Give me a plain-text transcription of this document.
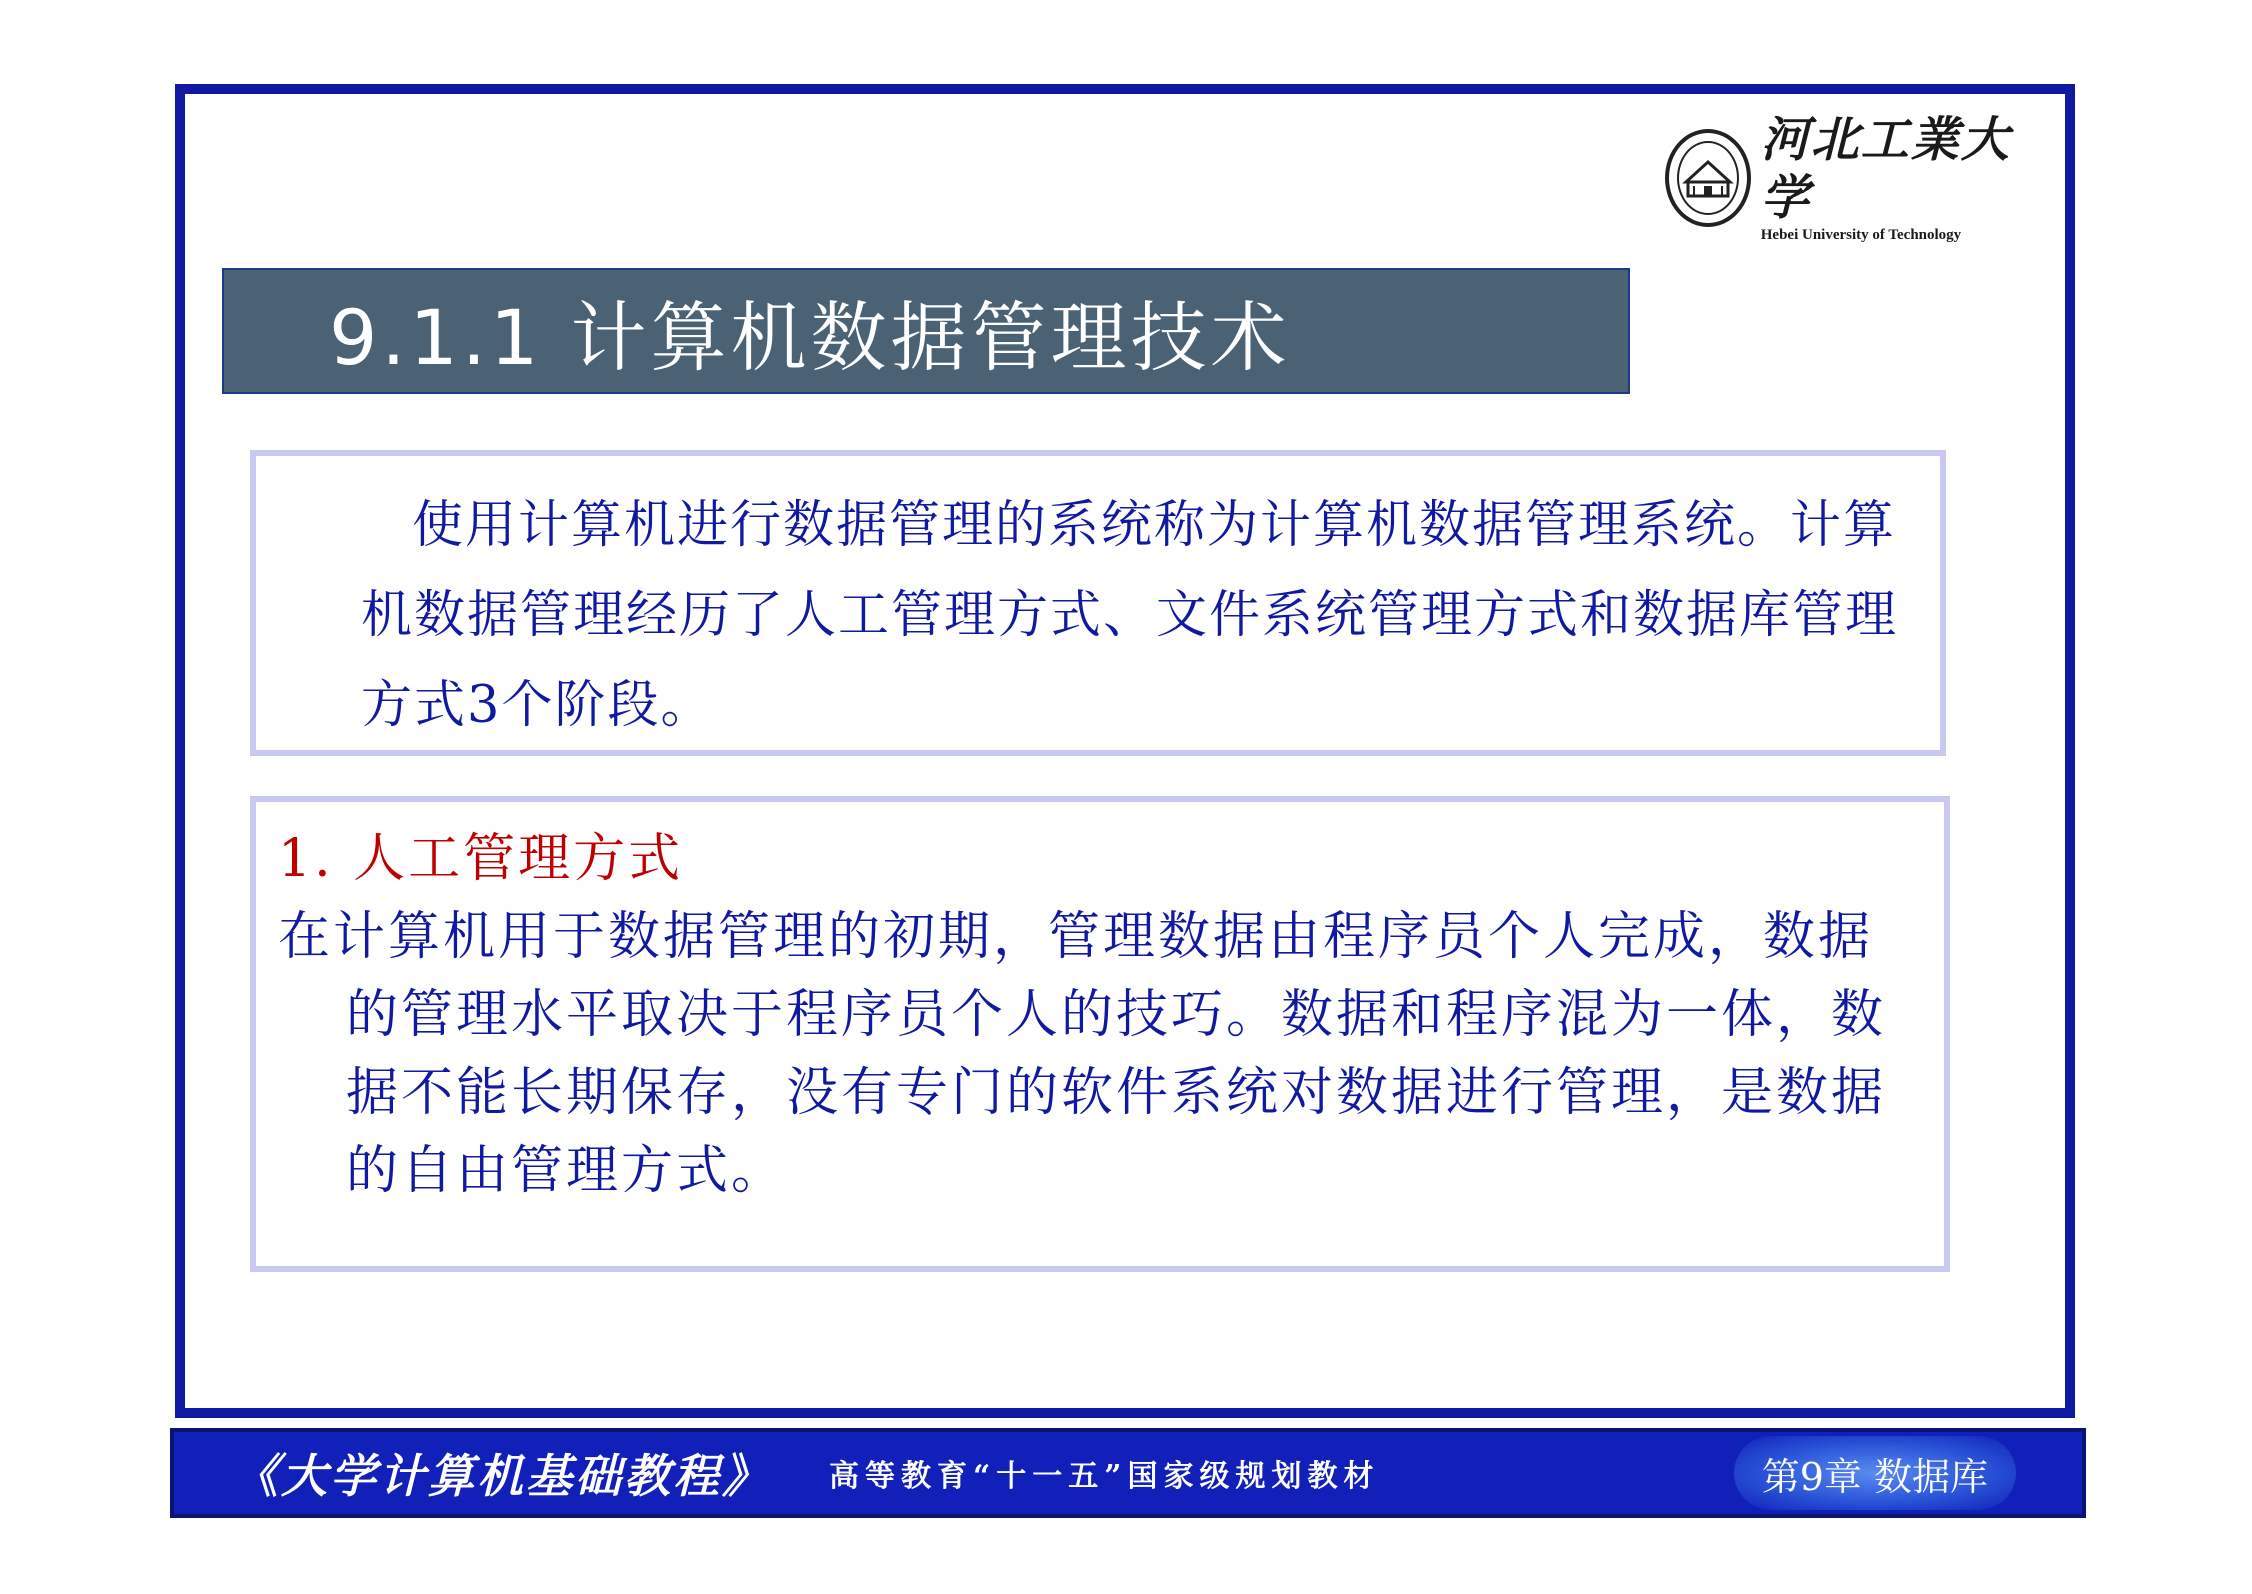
河北工業大学
Hebei University of Technology
9.1.1 计算机数据管理技术

使用计算机进行数据管理的系统称为计算机数据管理系统。计算机数据管理经历了人工管理方式、文件系统管理方式和数据库管理方式3个阶段。

1. 人工管理方式

在计算机用于数据管理的初期，管理数据由程序员个人完成，数据的管理水平取决于程序员个人的技巧。数据和程序混为一体，数据不能长期保存，没有专门的软件系统对数据进行管理，是数据的自由管理方式。

《大学计算机基础教程》 高等教育“十一五”国家级规划教材	第9章 数据库
